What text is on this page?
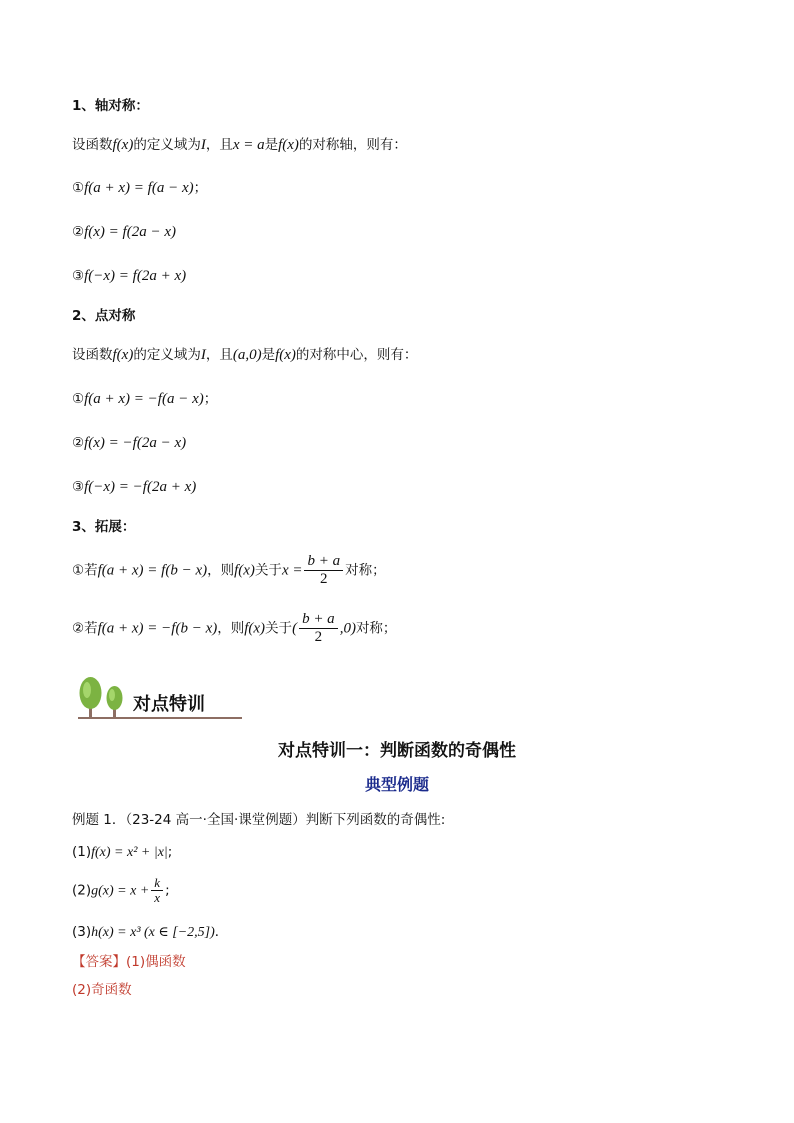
1、轴对称：
设函数f(x)的定义域为I，且x = a是f(x)的对称轴，则有：
①f(a + x) = f(a − x)；
②f(x) = f(2a − x)
③f(−x) = f(2a + x)
2、点对称
设函数f(x)的定义域为I，且(a,0)是f(x)的对称中心，则有：
①f(a + x) = −f(a − x)；
②f(x) = −f(2a − x)
③f(−x) = −f(2a + x)
3、拓展：
①若f(a + x) = f(b − x)，则f(x)关于$x = \frac{b + a}{2}$ 对称；
②若f(a + x) = −f(b − x)，则f(x)关于( $\frac{b + a}{2} ,0$)对称；
对点特训
对点特训一：判断函数的奇偶性
典型例题
例题 1．（23-24 高一·全国·课堂例题）判断下列函数的奇偶性:
(1)f(x) = x² + |x|;
$(2)g(x) = x + \frac{k}{x}$ ;
(3)h(x) = x³ (x ∈ [−2,5])．
【答案】(1)偶函数
(2)奇函数
